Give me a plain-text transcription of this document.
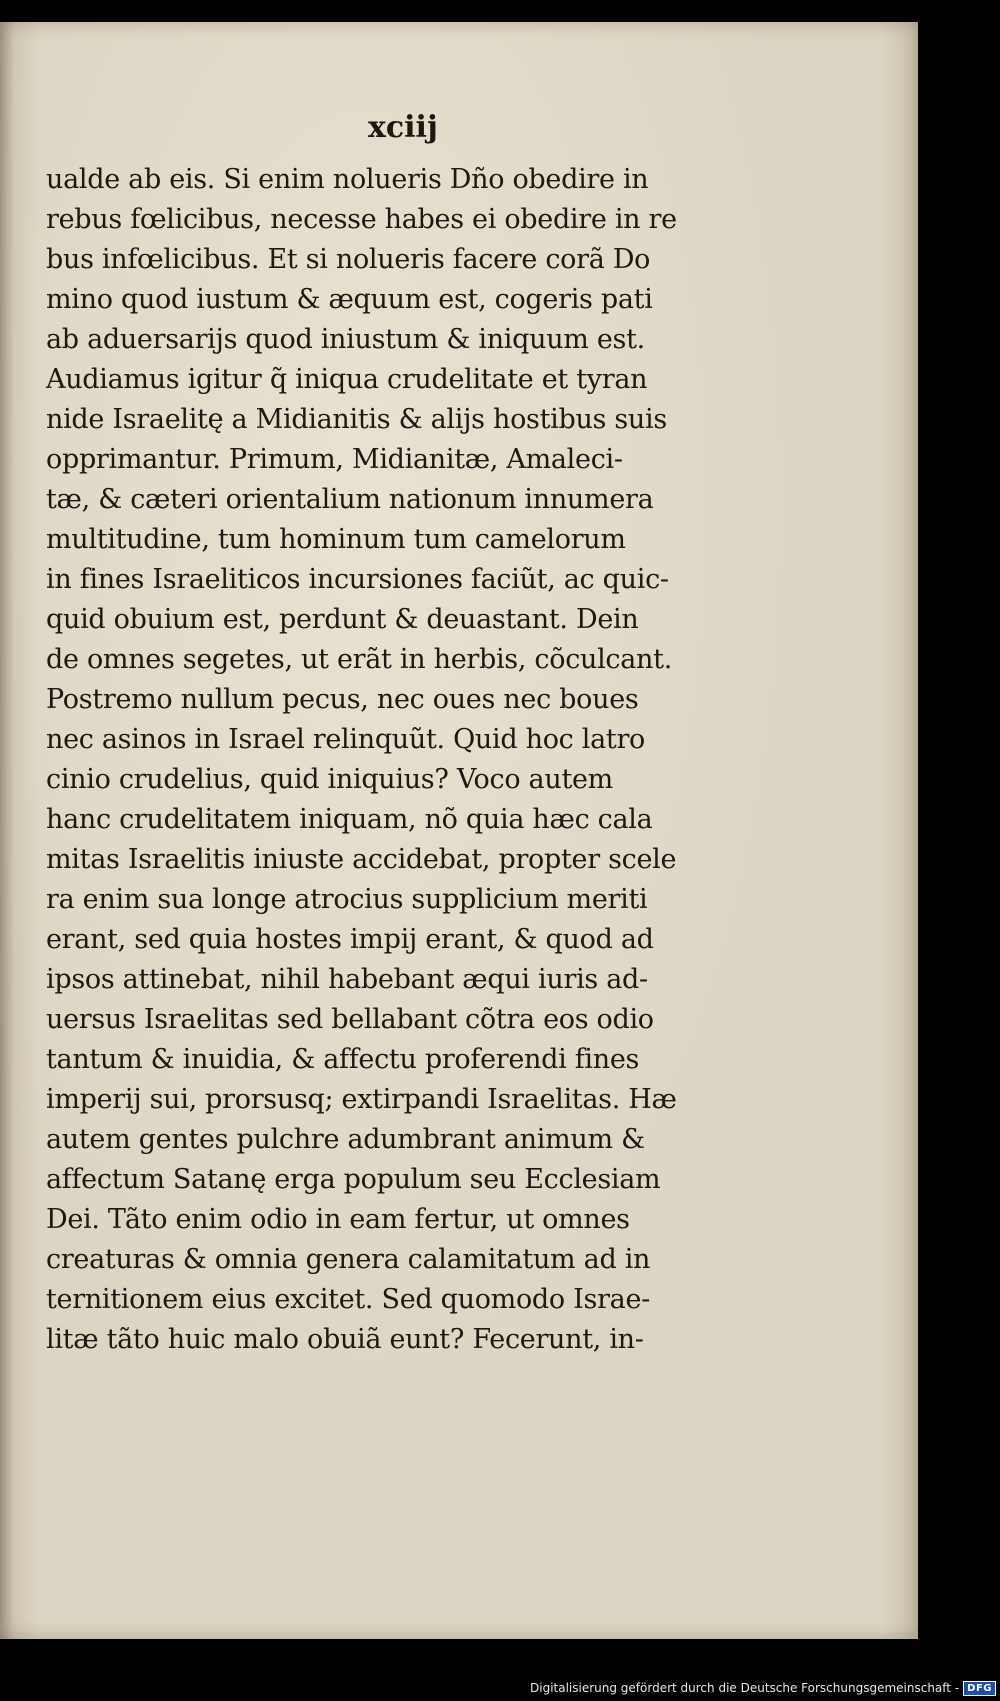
xciij
ualde ab eis. Si enim nolueris Dño obedire in
rebus fœlicibus, necesse habes ei obedire in re
bus infœlicibus. Et si nolueris facere corã Do
mino quod iustum & æquum est, cogeris pati
ab aduersarijs quod iniustum & iniquum est.
Audiamus igitur q̃ iniqua crudelitate et tyran
nide Israelitę a Midianitis & alijs hostibus suis
opprimantur. Primum, Midianitæ, Amaleci-
tæ, & cæteri orientalium nationum innumera
multitudine, tum hominum tum camelorum
in fines Israeliticos incursiones faciũt, ac quic-
quid obuium est, perdunt & deuastant. Dein
de omnes segetes, ut erãt in herbis, cõculcant.
Postremo nullum pecus, nec oues nec boues
nec asinos in Israel relinquũt. Quid hoc latro
cinio crudelius, quid iniquius? Voco autem
hanc crudelitatem iniquam, nõ quia hæc cala
mitas Israelitis iniuste accidebat, propter scele
ra enim sua longe atrocius supplicium meriti
erant, sed quia hostes impij erant, & quod ad
ipsos attinebat, nihil habebant æqui iuris ad-
uersus Israelitas sed bellabant cõtra eos odio
tantum & inuidia, & affectu proferendi fines
imperij sui, prorsusq; extirpandi Israelitas. Hæ
autem gentes pulchre adumbrant animum &
affectum Satanę erga populum seu Ecclesiam
Dei. Tãto enim odio in eam fertur, ut omnes
creaturas & omnia genera calamitatum ad in
ternitionem eius excitet. Sed quomodo Israe-
litæ tãto huic malo obuiã eunt? Fecerunt, in-
Digitalisierung gefördert durch die Deutsche Forschungsgemeinschaft - DFG
